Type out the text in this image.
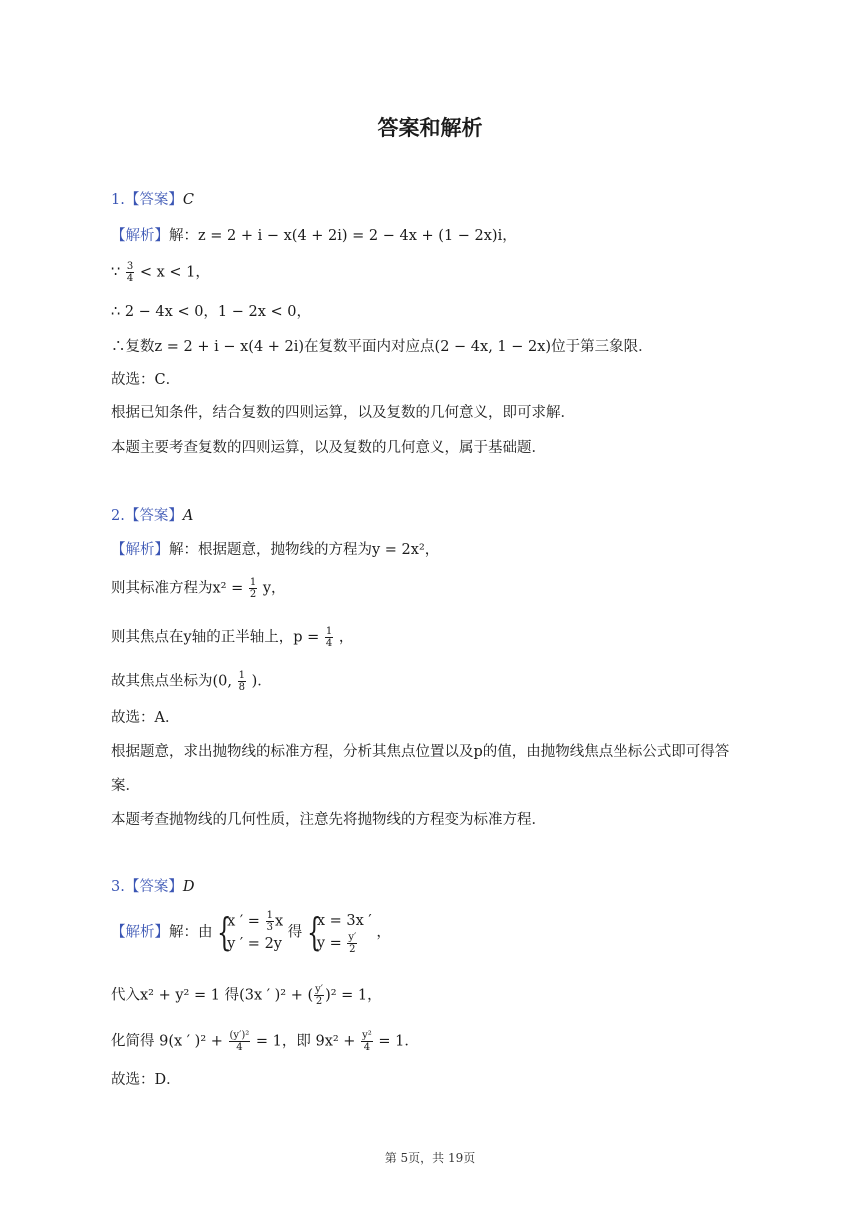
答案和解析
1.【答案】C
【解析】解：z = 2 + i − x(4 + 2i) = 2 − 4x + (1 − 2x)i，
∵ $\frac{3}{4} < x < 1$，
∴ 2 − 4x < 0，1 − 2x < 0，
∴复数z = 2 + i − x(4 + 2i)在复数平面内对应点(2 − 4x, 1 − 2x)位于第三象限．
故选：C．
根据已知条件，结合复数的四则运算，以及复数的几何意义，即可求解．
本题主要考查复数的四则运算，以及复数的几何意义，属于基础题．
2.【答案】A
【解析】解：根据题意，抛物线的方程为y = 2x²，
则其标准方程为$x^2 = \frac{1}{2}$ y，
则其焦点在y轴的正半轴上，$p = \frac{1}{4}$ ，
故其焦点坐标为(0, $\frac{1}{8}$ )．
故选：A．
根据题意，求出抛物线的标准方程，分析其焦点位置以及p的值，由抛物线焦点坐标公式即可得答
案．
本题考查抛物线的几何性质，注意先将抛物线的方程变为标准方程．
3.【答案】D
【解析】解：由 {
x ′ = $\frac{1}{3}$ x
y ′ = 2y
得 {
x = 3x ′
$y = \frac{y'}{2}$ ，
代入x² + y² = 1 得(3x ′ )² + ( $\frac{y'}{2} )^2 = 1$，
化简得 9(x ′ )$^2 + \frac{\text{(y′)²}}{4} = 1$，即 $9x^2 + \frac{\text{y²}}{4} = 1$．
故选：D．
第 5页，共 19页
